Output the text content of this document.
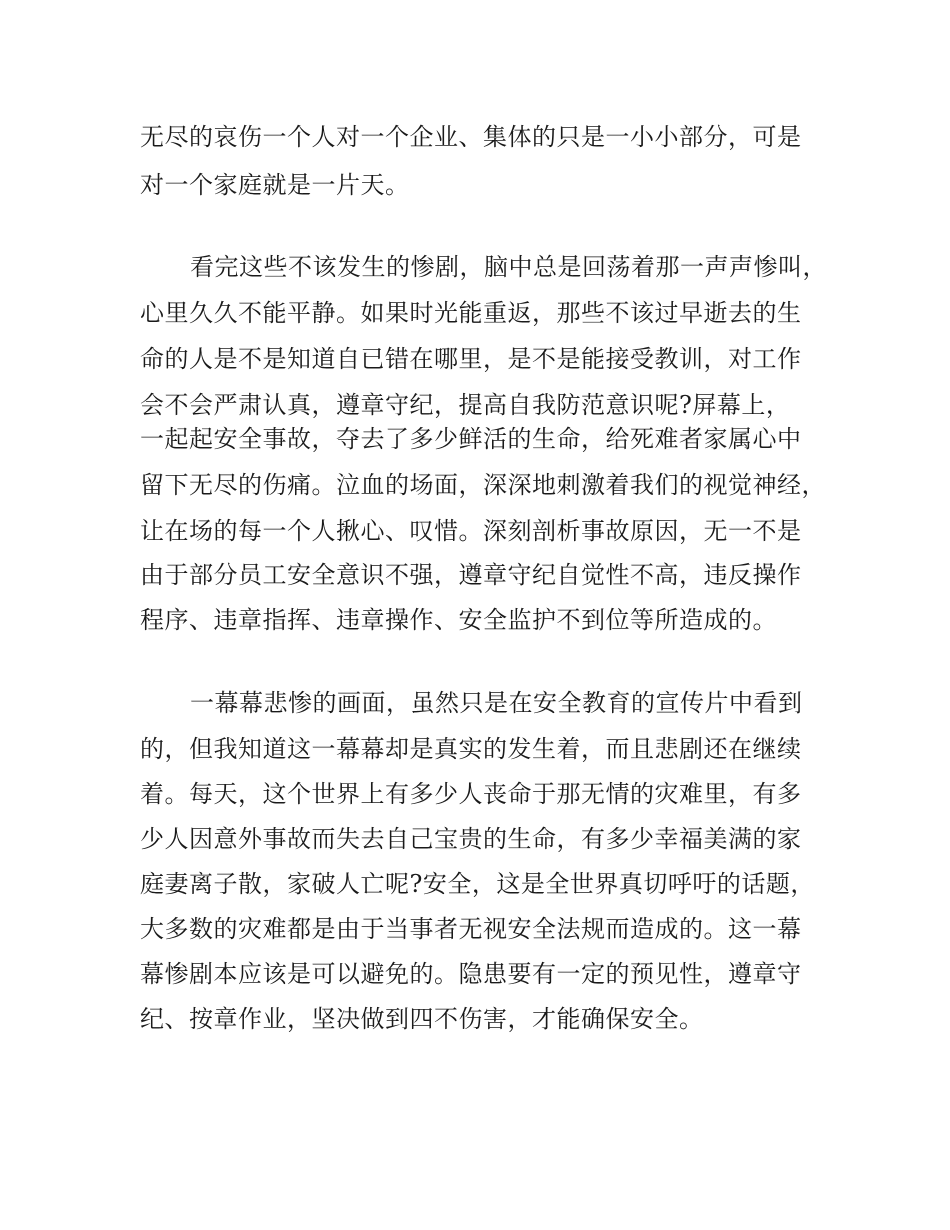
无尽的哀伤一个人对一个企业、集体的只是一小小部分，可是
对一个家庭就是一片天。
看完这些不该发生的惨剧，脑中总是回荡着那一声声惨叫，
心里久久不能平静。如果时光能重返，那些不该过早逝去的生
命的人是不是知道自已错在哪里，是不是能接受教训，对工作
会不会严肃认真，遵章守纪，提高自我防范意识呢?屏幕上，
一起起安全事故，夺去了多少鲜活的生命，给死难者家属心中
留下无尽的伤痛。泣血的场面，深深地刺激着我们的视觉神经，
让在场的每一个人揪心、叹惜。深刻剖析事故原因，无一不是
由于部分员工安全意识不强，遵章守纪自觉性不高，违反操作
程序、违章指挥、违章操作、安全监护不到位等所造成的。
一幕幕悲惨的画面，虽然只是在安全教育的宣传片中看到
的，但我知道这一幕幕却是真实的发生着，而且悲剧还在继续
着。每天，这个世界上有多少人丧命于那无情的灾难里，有多
少人因意外事故而失去自己宝贵的生命，有多少幸福美满的家
庭妻离子散，家破人亡呢?安全，这是全世界真切呼吁的话题，
大多数的灾难都是由于当事者无视安全法规而造成的。这一幕
幕惨剧本应该是可以避免的。隐患要有一定的预见性，遵章守
纪、按章作业，坚决做到四不伤害，才能确保安全。
